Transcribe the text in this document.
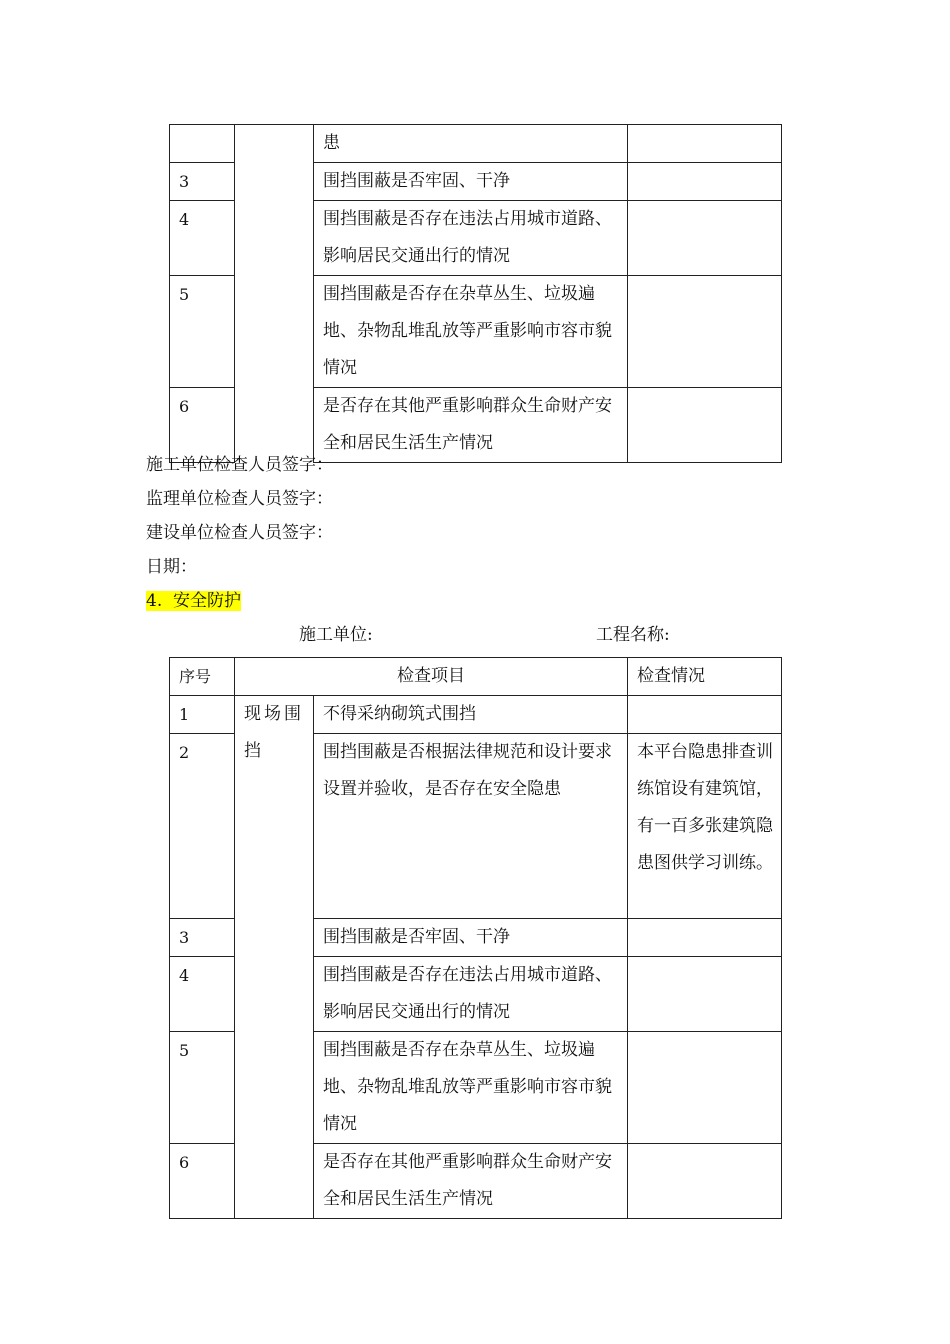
		患	
3		围挡围蔽是否牢固、干净	
4		围挡围蔽是否存在违法占用城市道路、影响居民交通出行的情况	
5		围挡围蔽是否存在杂草丛生、垃圾遍地、杂物乱堆乱放等严重影响市容市貌情况	
6		是否存在其他严重影响群众生命财产安全和居民生活生产情况	
施工单位检查人员签字：
监理单位检查人员签字：
建设单位检查人员签字：
日期：
4. 安全防护
施工单位:	工程名称:
序号	检查项目		检查情况
1	现场围挡	不得采纳砌筑式围挡	
2		围挡围蔽是否根据法律规范和设计要求设置并验收，是否存在安全隐患	本平台隐患排查训练馆设有建筑馆，有一百多张建筑隐患图供学习训练。
3		围挡围蔽是否牢固、干净	
4		围挡围蔽是否存在违法占用城市道路、影响居民交通出行的情况	
5		围挡围蔽是否存在杂草丛生、垃圾遍地、杂物乱堆乱放等严重影响市容市貌情况	
6		是否存在其他严重影响群众生命财产安全和居民生活生产情况	
